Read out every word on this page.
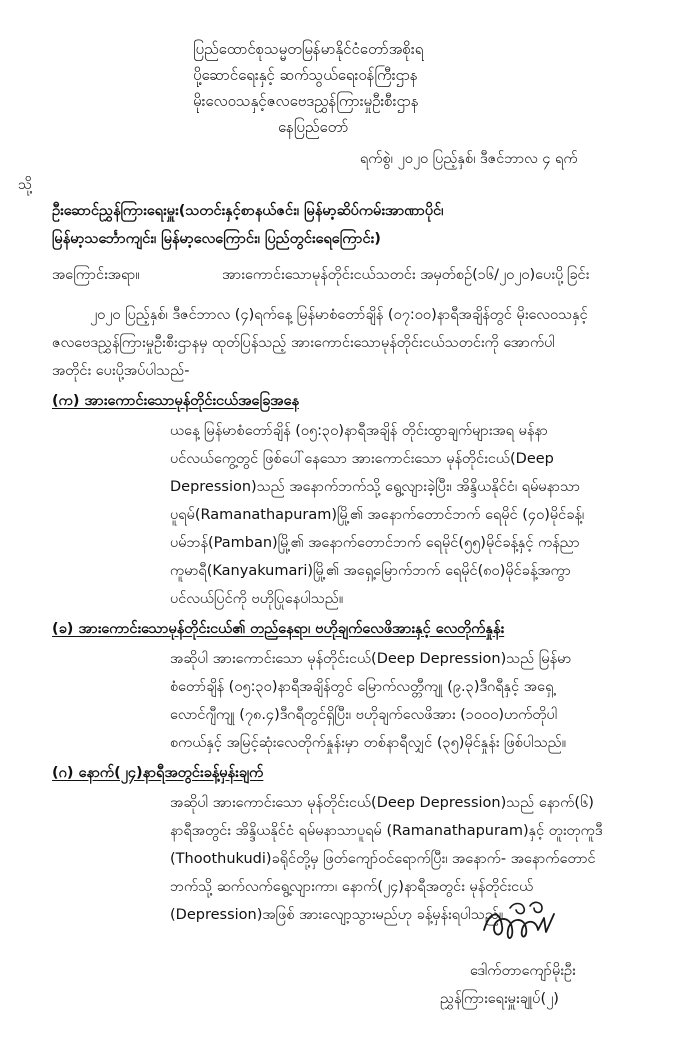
ပြည်ထောင်စုသမ္မတမြန်မာနိုင်ငံတော်အစိုးရ
ပို့ဆောင်ရေးနှင့် ဆက်သွယ်ရေးဝန်ကြီးဌာန
မိုးလေဝသနှင့်ဇလဗေဒညွှန်ကြားမှုဦးစီးဌာန
နေပြည်တော်
ရက်စွဲ၊ ၂၀၂၀ ပြည့်နှစ်၊ ဒီဇင်ဘာလ ၄ ရက်
သို့
ဦးဆောင်ညွှန်ကြားရေးမှူး(သတင်းနှင့်စာနယ်ဇင်း၊ မြန်မာ့ဆိပ်ကမ်းအာဏာပိုင်၊
မြန်မာ့သင်္ဘောကျင်း၊ မြန်မာ့လေကြောင်း၊ ပြည်တွင်းရေကြောင်း)
အကြောင်းအရာ။	အားကောင်းသောမုန်တိုင်းငယ်သတင်း အမှတ်စဉ်(၁၆/၂၀၂၀)ပေးပို့ခြင်း
၂၀၂၀ ပြည့်နှစ်၊ ဒီဇင်ဘာလ (၄)ရက်နေ့ မြန်မာစံတော်ချိန် (၀၇:၀၀)နာရီအချိန်တွင် မိုးလေဝသနှင့်
ဇလဗေဒညွှန်ကြားမှုဦးစီးဌာနမှ ထုတ်ပြန်သည့် အားကောင်းသောမုန်တိုင်းငယ်သတင်းကို အောက်ပါ
အတိုင်း ပေးပို့အပ်ပါသည်-
(က) အားကောင်းသောမုန်တိုင်းငယ်အခြေအနေ
ယနေ့ မြန်မာစံတော်ချိန် (၀၅:၃၀)နာရီအချိန် တိုင်းထွာချက်များအရ မန်နာ
ပင်လယ်ကွေ့တွင် ဖြစ်ပေါ်နေသော အားကောင်းသော မုန်တိုင်းငယ်(Deep
Depression)သည် အနောက်ဘက်သို့ ရွေ့လျားခဲ့ပြီး၊ အိန္ဒိယနိုင်ငံ၊ ရမ်မနာသာ
ပူရမ်(Ramanathapuram)မြို့၏ အနောက်တောင်ဘက် ရေမိုင် (၄၀)မိုင်ခန့်၊
ပမ်ဘန်(Pamban)မြို့၏ အနောက်တောင်ဘက် ရေမိုင်(၅၅)မိုင်ခန့်နှင့် ကန်ညာ
ကူမာရီ(Kanyakumari)မြို့၏ အရှေ့မြောက်ဘက် ရေမိုင်(၈၀)မိုင်ခန့်အကွာ
ပင်လယ်ပြင်ကို ဗဟိုပြုနေပါသည်။
(ခ) အားကောင်းသောမုန်တိုင်းငယ်၏ တည်နေရာ၊ ဗဟိုချက်လေဖိအားနှင့် လေတိုက်နှုန်း
အဆိုပါ အားကောင်းသော မုန်တိုင်းငယ်(Deep Depression)သည် မြန်မာ
စံတော်ချိန် (၀၅:၃၀)နာရီအချိန်တွင် မြောက်လတ္တီကျု (၉.၃)ဒီဂရီနှင့် အရှေ့
လောင်ဂျီကျု (၇၈.၄)ဒီဂရီတွင်ရှိပြီး၊ ဗဟိုချက်လေဖိအား (၁၀၀၀)ဟက်တိုပါ
စကယ်နှင့် အမြင့်ဆုံးလေတိုက်နှုန်းမှာ တစ်နာရီလျှင် (၃၅)မိုင်နှုန်း ဖြစ်ပါသည်။
(ဂ) နောက်(၂၄)နာရီအတွင်းခန့်မှန်းချက်
အဆိုပါ အားကောင်းသော မုန်တိုင်းငယ်(Deep Depression)သည် နောက်(၆)
နာရီအတွင်း အိန္ဒိယနိုင်ငံ ရမ်မနာသာပူရမ် (Ramanathapuram)နှင့် တူးတုကူဒီ
(Thoothukudi)ခရိုင်တို့မှ ဖြတ်ကျော်ဝင်ရောက်ပြီး၊ အနောက်- အနောက်တောင်
ဘက်သို့ ဆက်လက်ရွေ့လျားကာ၊ နောက်(၂၄)နာရီအတွင်း မုန်တိုင်းငယ်
(Depression)အဖြစ် အားလျော့သွားမည်ဟု ခန့်မှန်းရပါသည်။
ဒေါက်တာကျော်မိုးဦး
ညွှန်ကြားရေးမှူးချုပ်(၂)
